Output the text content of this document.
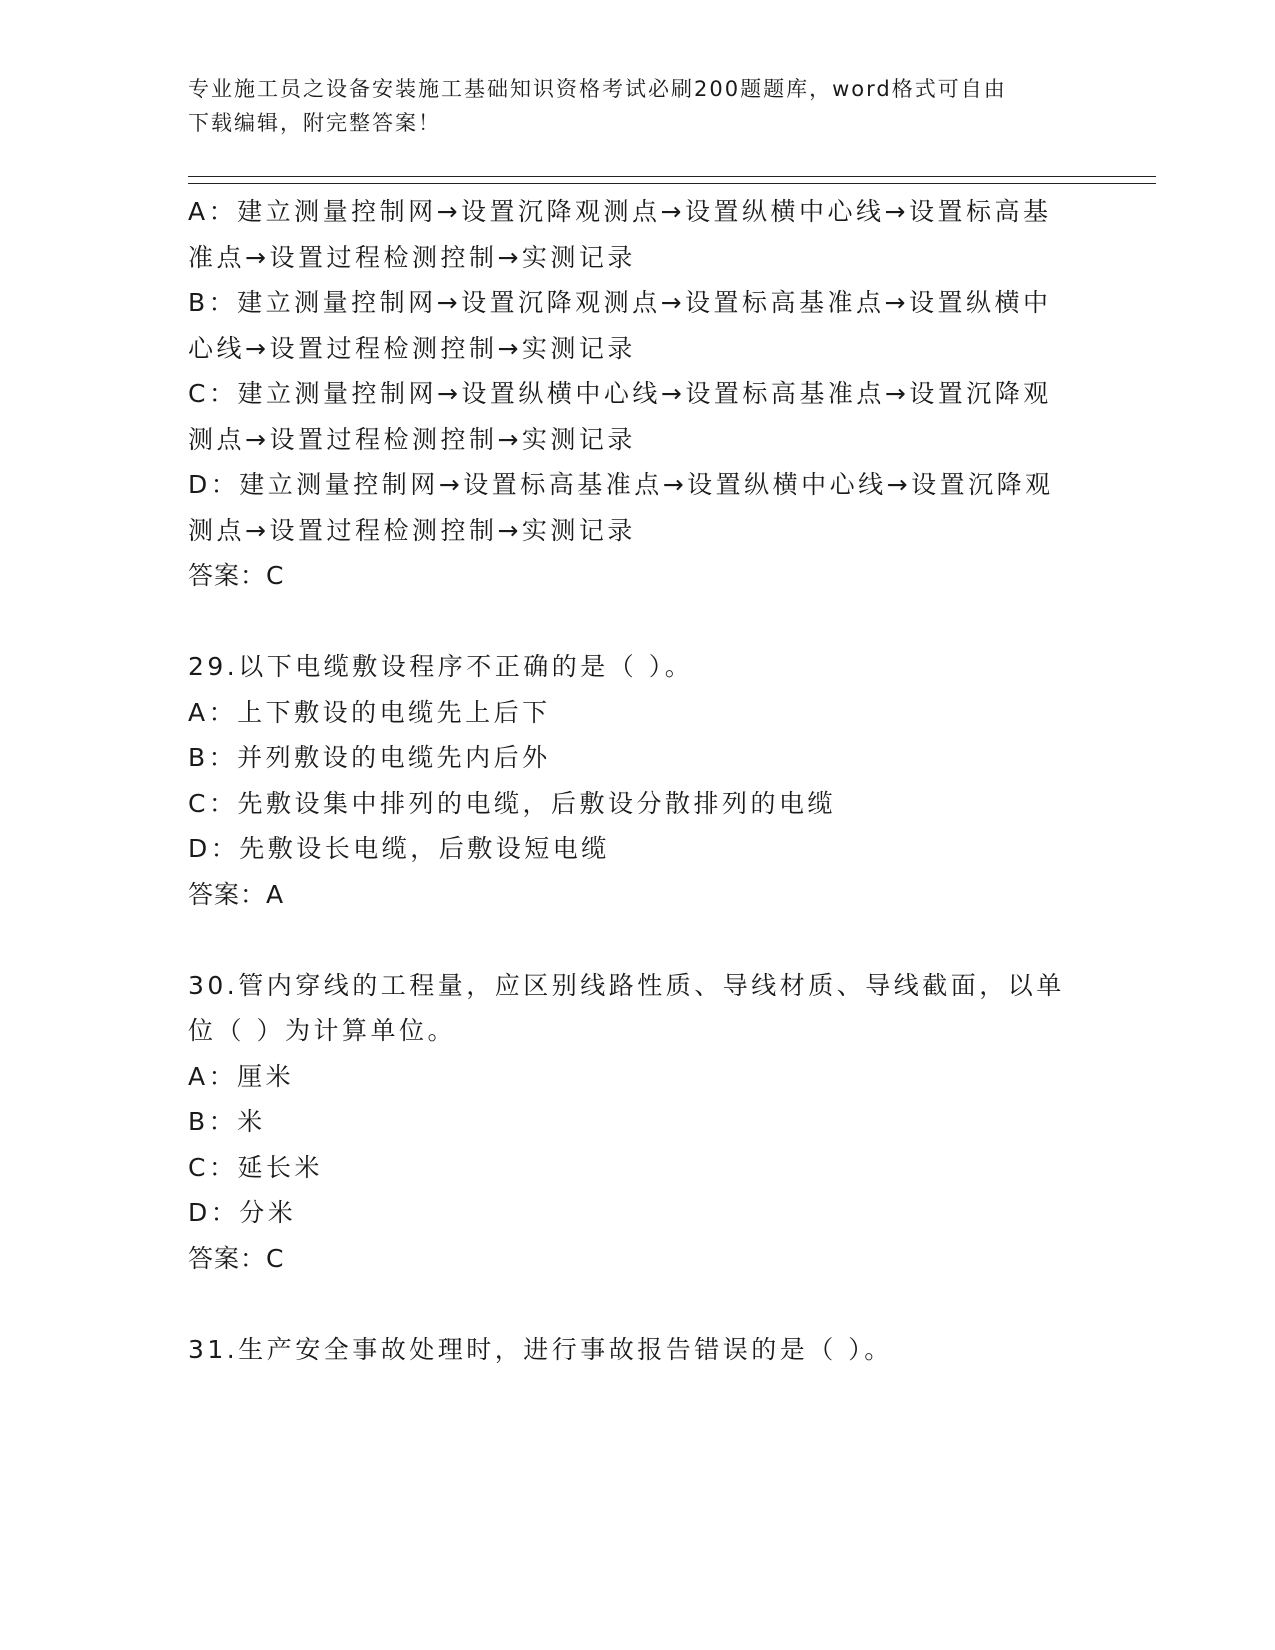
专业施工员之设备安装施工基础知识资格考试必刷200题题库，word格式可自由
下载编辑，附完整答案！
A：建立测量控制网→设置沉降观测点→设置纵横中心线→设置标高基
准点→设置过程检测控制→实测记录
B：建立测量控制网→设置沉降观测点→设置标高基准点→设置纵横中
心线→设置过程检测控制→实测记录
C：建立测量控制网→设置纵横中心线→设置标高基准点→设置沉降观
测点→设置过程检测控制→实测记录
D：建立测量控制网→设置标高基准点→设置纵横中心线→设置沉降观
测点→设置过程检测控制→实测记录
答案：C
29.以下电缆敷设程序不正确的是（ ）。
A：上下敷设的电缆先上后下
B：并列敷设的电缆先内后外
C：先敷设集中排列的电缆，后敷设分散排列的电缆
D：先敷设长电缆，后敷设短电缆
答案：A
30.管内穿线的工程量，应区别线路性质、导线材质、导线截面，以单
位（ ）为计算单位。
A：厘米
B：米
C：延长米
D：分米
答案：C
31.生产安全事故处理时，进行事故报告错误的是（ ）。
